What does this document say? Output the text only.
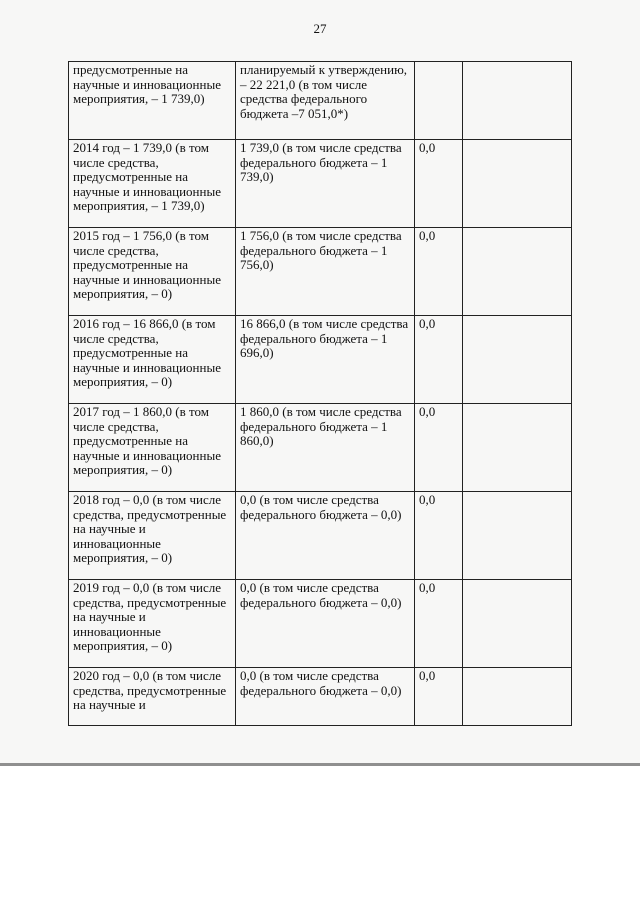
27
предусмотренные на научные и инновационные мероприятия, – 1 739,0)	планируемый к утверждению, – 22 221,0 (в том числе средства федерального бюджета –7 051,0*)		
2014 год – 1 739,0 (в том числе средства, предусмотренные на научные и инновационные мероприятия, – 1 739,0)	1 739,0 (в том числе средства федерального бюджета – 1 739,0)	0,0	
2015 год – 1 756,0 (в том числе средства, предусмотренные на научные и инновационные мероприятия, – 0)	1 756,0 (в том числе средства федерального бюджета – 1 756,0)	0,0	
2016 год – 16 866,0 (в том числе средства, предусмотренные на научные и инновационные мероприятия, – 0)	16 866,0 (в том числе средства федерального бюджета – 1 696,0)	0,0	
2017 год – 1 860,0 (в том числе средства, предусмотренные на научные и инновационные мероприятия, – 0)	1 860,0 (в том числе средства федерального бюджета – 1 860,0)	0,0	
2018 год – 0,0 (в том числе средства, предусмотренные на научные и инновационные мероприятия, – 0)	0,0 (в том числе средства федерального бюджета – 0,0)	0,0	
2019 год – 0,0 (в том числе средства, предусмотренные на научные и инновационные мероприятия, – 0)	0,0 (в том числе средства федерального бюджета – 0,0)	0,0	
2020 год – 0,0 (в том числе средства, предусмотренные на научные и	0,0 (в том числе средства федерального бюджета – 0,0)	0,0	
